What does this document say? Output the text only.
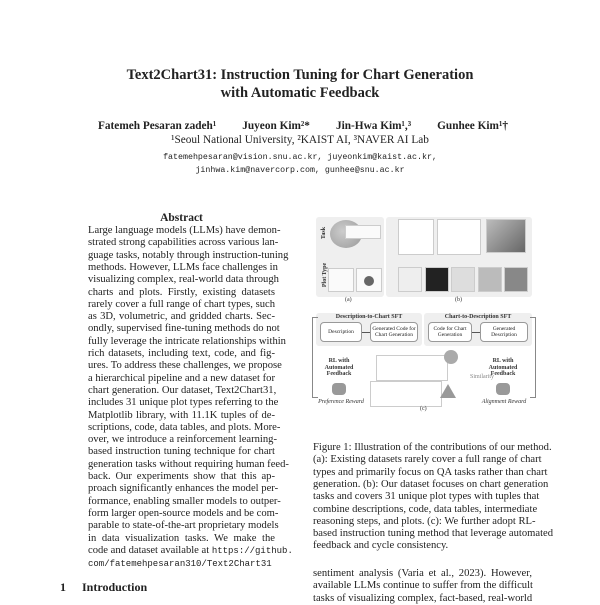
Text2Chart31: Instruction Tuning for Chart Generation
with Automatic Feedback
Fatemeh Pesaran zadeh¹ Juyeon Kim²* Jin-Hwa Kim¹,³ Gunhee Kim¹†
¹Seoul National University, ²KAIST AI, ³NAVER AI Lab
fatemehpesaran@vision.snu.ac.kr, juyeonkim@kaist.ac.kr,
jinhwa.kim@navercorp.com, gunhee@snu.ac.kr
Abstract
Large language models (LLMs) have demon-
strated strong capabilities across various lan-
guage tasks, notably through instruction-tuning
methods. However, LLMs face challenges in
visualizing complex, real-world data through
charts and plots. Firstly, existing datasets
rarely cover a full range of chart types, such
as 3D, volumetric, and gridded charts. Sec-
ondly, supervised fine-tuning methods do not
fully leverage the intricate relationships within
rich datasets, including text, code, and fig-
ures. To address these challenges, we propose
a hierarchical pipeline and a new dataset for
chart generation. Our dataset, Text2Chart31,
includes 31 unique plot types referring to the
Matplotlib library, with 11.1K tuples of de-
scriptions, code, data tables, and plots. More-
over, we introduce a reinforcement learning-
based instruction tuning technique for chart
generation tasks without requiring human feed-
back. Our experiments show that this ap-
proach significantly enhances the model per-
formance, enabling smaller models to outper-
form larger open-source models and be com-
parable to state-of-the-art proprietary models
in data visualization tasks. We make the
code and dataset available at https://github.
com/fatemehpesaran310/Text2Chart31
1 Introduction
Task
Plot Type
(a)	(b)
Description-to-Chart SFT	Chart-to-Description SFT
Description
Generated Code for Chart Generation
Code for Chart Generation
Generated Description
RL with Automated Feedback
RL with Automated Feedback
Preference Reward	Alignment Reward
Similarity
(c)
Figure 1: Illustration of the contributions of our method.
(a): Existing datasets rarely cover a full range of chart
types and primarily focus on QA tasks rather than chart
generation. (b): Our dataset focuses on chart generation
tasks and covers 31 unique plot types with tuples that
combine descriptions, code, data tables, intermediate
reasoning steps, and plots. (c): We further adopt RL-
based instruction tuning method that leverage automated
feedback and cycle consistency.
sentiment analysis (Varia et al., 2023). However,
available LLMs continue to suffer from the difficult
tasks of visualizing complex, fact-based, real-world
